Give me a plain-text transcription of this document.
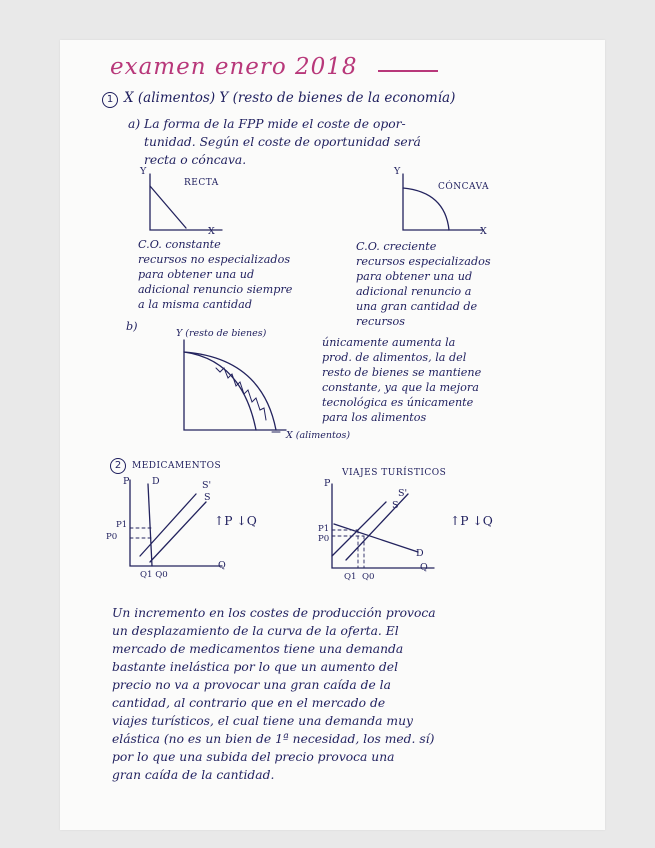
examen enero 2018
1 X (alimentos) Y (resto de bienes de la economía)
a) La forma de la FPP mide el coste de opor-
tunidad. Según el coste de oportunidad será
recta o cóncava.
Y
X
RECTA
Y
X
CÓNCAVA
C.O. constante
recursos no especializados
para obtener una ud
adicional renuncio siempre
a la misma cantidad
C.O. creciente
recursos especializados
para obtener una ud
adicional renuncio a
una gran cantidad de
recursos
b)
Y (resto de bienes)
X (alimentos)
únicamente aumenta la
prod. de alimentos, la del
resto de bienes se mantiene
constante, ya que la mejora
tecnológica es únicamente
para los alimentos
2	MEDICAMENTOS
P D	S'
S
P1
P0
Q1 Q0
Q
↑P ↓Q
VIAJES TURÍSTICOS
P
S'
S
D
P1
P0
Q1 Q0
Q
↑P ↓Q
Un incremento en los costes de producción provoca
un desplazamiento de la curva de la oferta. El
mercado de medicamentos tiene una demanda
bastante inelástica por lo que un aumento del
precio no va a provocar una gran caída de la
cantidad, al contrario que en el mercado de
viajes turísticos, el cual tiene una demanda muy
elástica (no es un bien de 1ª necesidad, los med. sí)
por lo que una subida del precio provoca una
gran caída de la cantidad.
